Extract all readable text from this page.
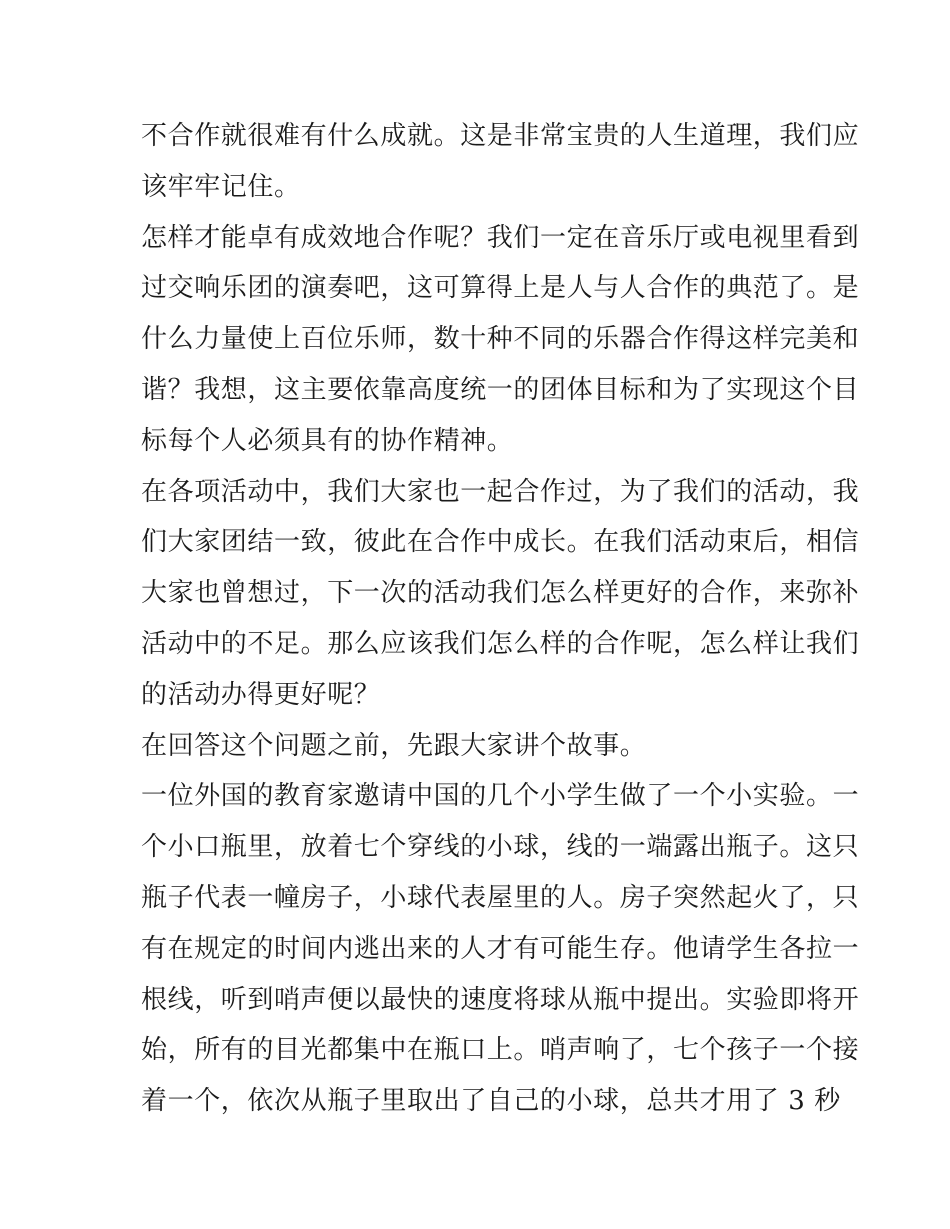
不合作就很难有什么成就。这是非常宝贵的人生道理，我们应
该牢牢记住。
怎样才能卓有成效地合作呢？我们一定在音乐厅或电视里看到
过交响乐团的演奏吧，这可算得上是人与人合作的典范了。是
什么力量使上百位乐师，数十种不同的乐器合作得这样完美和
谐？我想，这主要依靠高度统一的团体目标和为了实现这个目
标每个人必须具有的协作精神。
在各项活动中，我们大家也一起合作过，为了我们的活动，我
们大家团结一致，彼此在合作中成长。在我们活动束后，相信
大家也曾想过，下一次的活动我们怎么样更好的合作，来弥补
活动中的不足。那么应该我们怎么样的合作呢，怎么样让我们
的活动办得更好呢？
在回答这个问题之前，先跟大家讲个故事。
一位外国的教育家邀请中国的几个小学生做了一个小实验。一
个小口瓶里，放着七个穿线的小球，线的一端露出瓶子。这只
瓶子代表一幢房子，小球代表屋里的人。房子突然起火了，只
有在规定的时间内逃出来的人才有可能生存。他请学生各拉一
根线，听到哨声便以最快的速度将球从瓶中提出。实验即将开
始，所有的目光都集中在瓶口上。哨声响了，七个孩子一个接
着一个，依次从瓶子里取出了自己的小球，总共才用了 3 秒
